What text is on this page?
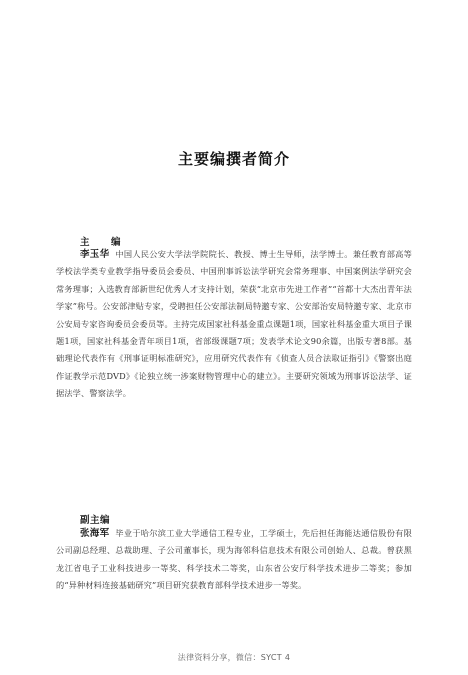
主要编撰者简介
主　编
李玉华 中国人民公安大学法学院院长、教授、博士生导师，法学博士。兼任教育部高等学校法学类专业教学指导委员会委员、中国刑事诉讼法学研究会常务理事、中国案例法学研究会常务理事；入选教育部新世纪优秀人才支持计划，荣获“北京市先进工作者”“首都十大杰出青年法学家”称号。公安部津贴专家，受聘担任公安部法制局特邀专家、公安部治安局特邀专家、北京市公安局专家咨询委员会委员等。主持完成国家社科基金重点课题1项，国家社科基金重大项目子课题1项，国家社科基金青年项目1项，省部级课题7项；发表学术论文90余篇，出版专著8部。基础理论代表作有《刑事证明标准研究》，应用研究代表作有《侦查人员合法取证指引》《警察出庭作证教学示范DVD》《论独立统一涉案财物管理中心的建立》。主要研究领域为刑事诉讼法学、证据法学、警察法学。
副主编
张海军 毕业于哈尔滨工业大学通信工程专业，工学硕士，先后担任海能达通信股份有限公司副总经理、总裁助理、子公司董事长，现为海邻科信息技术有限公司创始人、总裁。曾获黑龙江省电子工业科技进步一等奖、科学技术二等奖，山东省公安厅科学技术进步二等奖；参加的“异种材料连接基础研究”项目研究获教育部科学技术进步一等奖。
法律资料分享，微信：SYCT 4
